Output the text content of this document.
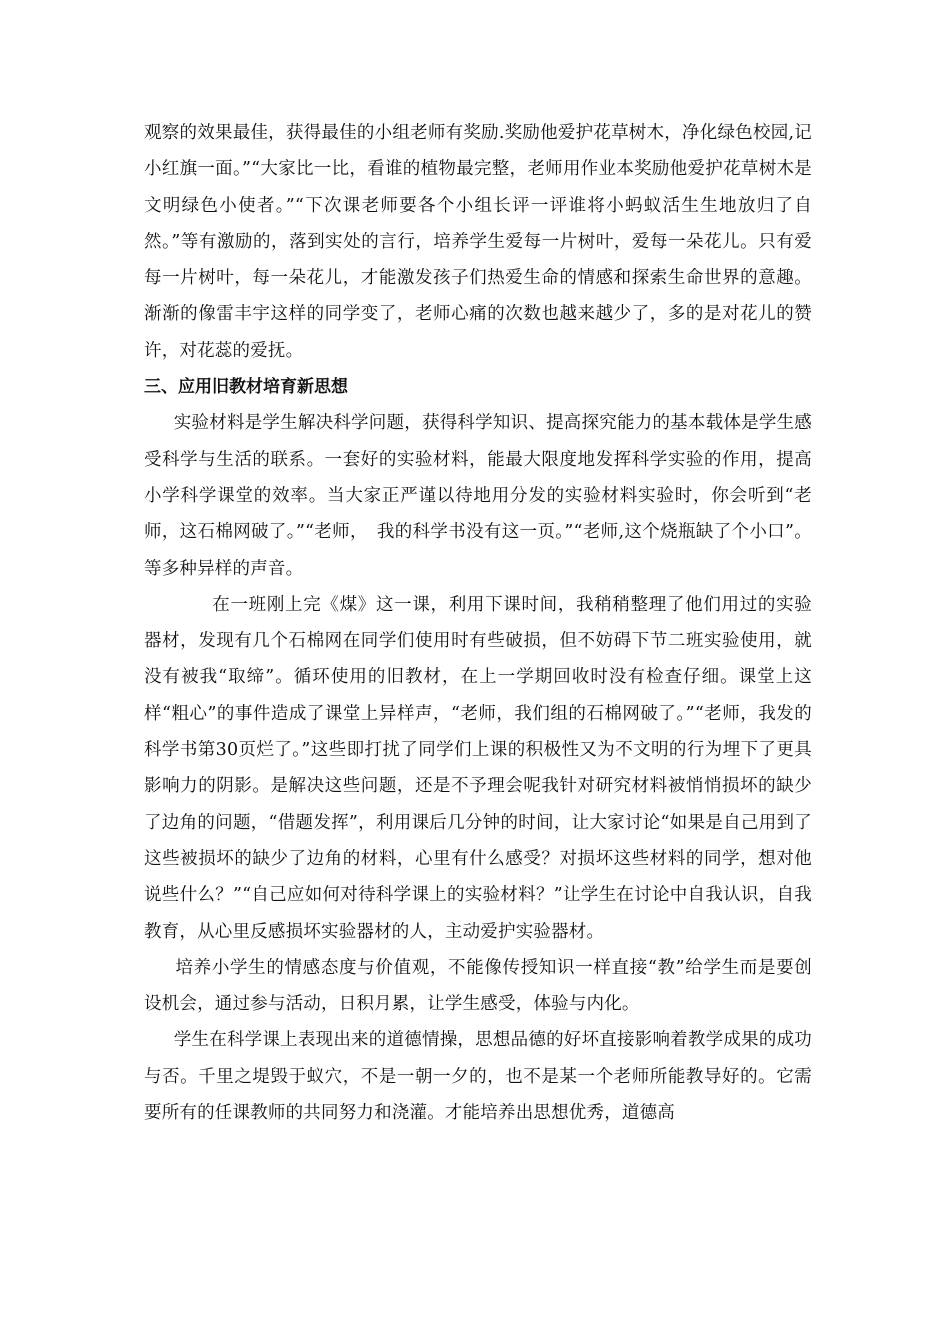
观察的效果最佳，获得最佳的小组老师有奖励.奖励他爱护花草树木，净化绿色校园,记小红旗一面。”“大家比一比，看谁的植物最完整，老师用作业本奖励他爱护花草树木是文明绿色小使者。”“下次课老师要各个小组长评一评谁将小蚂蚁活生生地放归了自然。”等有激励的，落到实处的言行，培养学生爱每一片树叶，爱每一朵花儿。只有爱每一片树叶，每一朵花儿，才能激发孩子们热爱生命的情感和探索生命世界的意趣。渐渐的像雷丰宇这样的同学变了，老师心痛的次数也越来越少了，多的是对花儿的赞许，对花蕊的爱抚。

三、应用旧教材培育新思想

实验材料是学生解决科学问题，获得科学知识、提高探究能力的基本载体是学生感受科学与生活的联系。一套好的实验材料，能最大限度地发挥科学实验的作用，提高小学科学课堂的效率。当大家正严谨以待地用分发的实验材料实验时，你会听到“老师，这石棉网破了。”“老师，　我的科学书没有这一页。”“老师,这个烧瓶缺了个小口”。等多种异样的声音。

在一班刚上完《煤》这一课，利用下课时间，我稍稍整理了他们用过的实验器材，发现有几个石棉网在同学们使用时有些破损，但不妨碍下节二班实验使用，就没有被我“取缔”。循环使用的旧教材，在上一学期回收时没有检查仔细。课堂上这样“粗心”的事件造成了课堂上异样声，“老师，我们组的石棉网破了。”“老师，我发的科学书第30页烂了。”这些即打扰了同学们上课的积极性又为不文明的行为埋下了更具影响力的阴影。是解决这些问题，还是不予理会呢我针对研究材料被悄悄损坏的缺少了边角的问题，“借题发挥”，利用课后几分钟的时间，让大家讨论“如果是自己用到了这些被损坏的缺少了边角的材料，心里有什么感受？对损坏这些材料的同学，想对他说些什么？”“自己应如何对待科学课上的实验材料？”让学生在讨论中自我认识，自我教育，从心里反感损坏实验器材的人，主动爱护实验器材。

培养小学生的情感态度与价值观，不能像传授知识一样直接“教”给学生而是要创设机会，通过参与活动，日积月累，让学生感受，体验与内化。

学生在科学课上表现出来的道德情操，思想品德的好坏直接影响着教学成果的成功与否。千里之堤毁于蚁穴，不是一朝一夕的，也不是某一个老师所能教导好的。它需要所有的任课教师的共同努力和浇灌。才能培养出思想优秀，道德高
